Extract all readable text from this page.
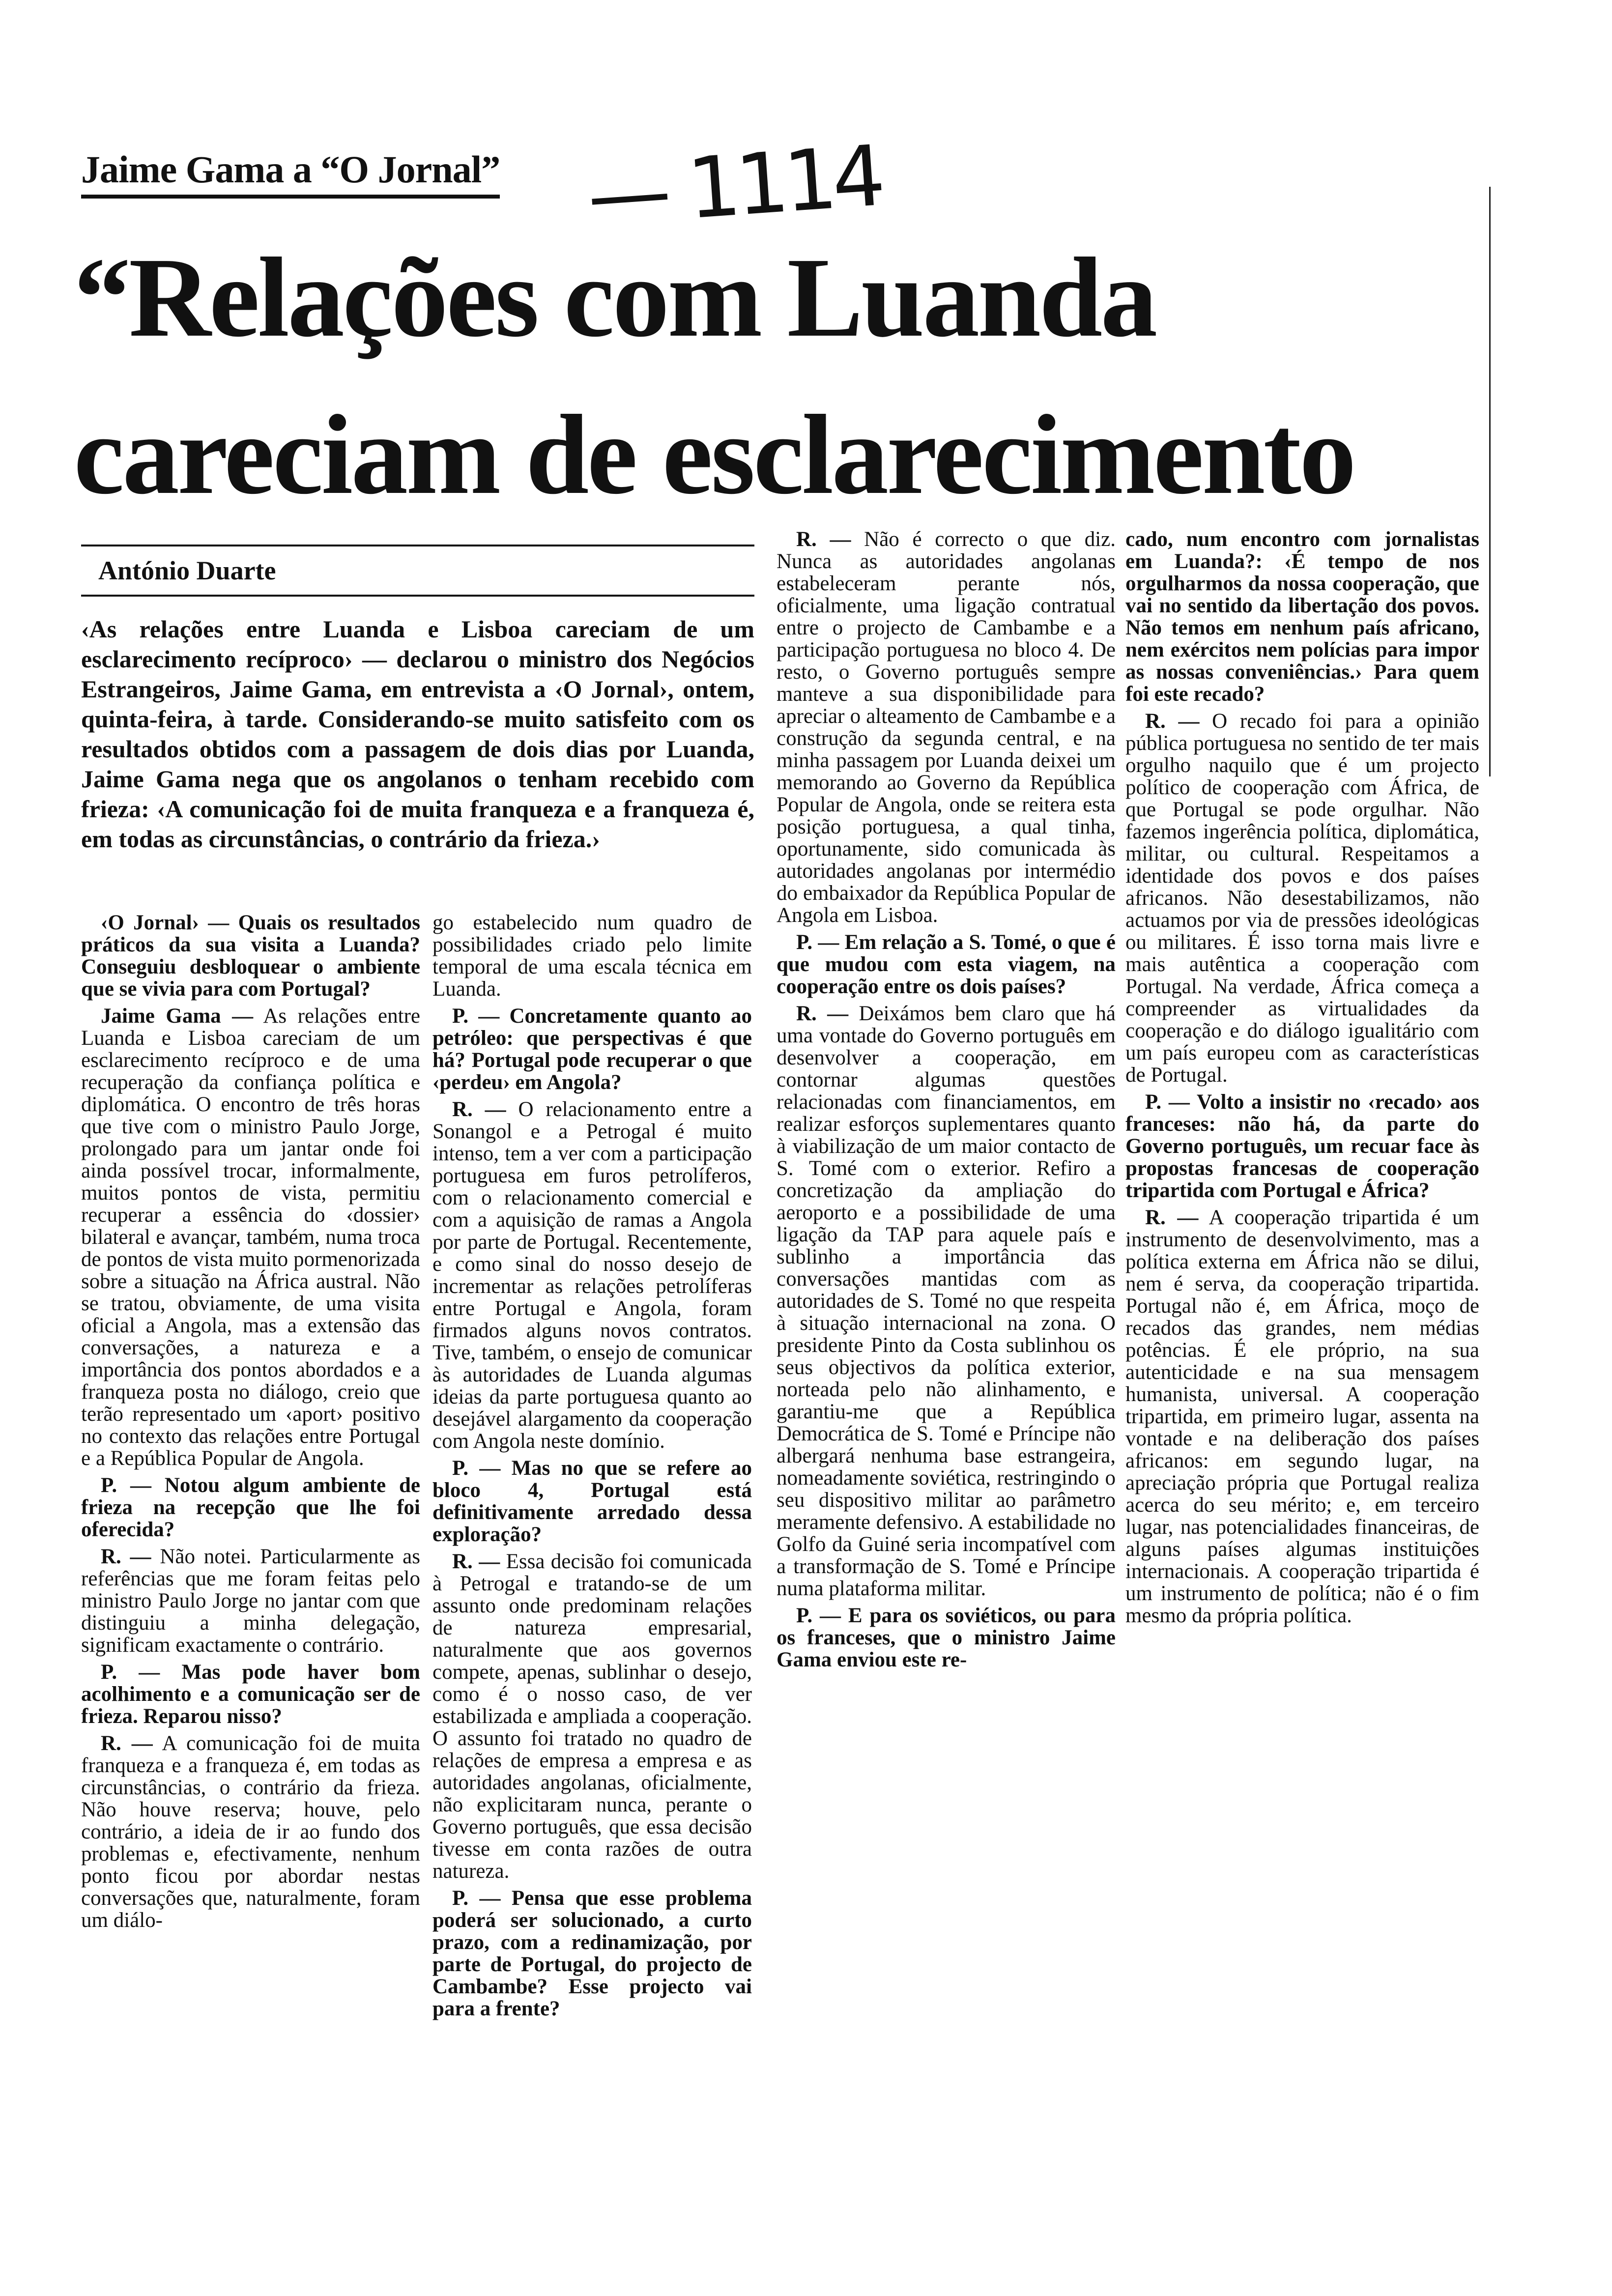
Jaime Gama a “O Jornal” — 1114
“Relações com Luanda
careciam de esclarecimento
António Duarte

‹As relações entre Luanda e Lisboa careciam de um esclarecimento recíproco› — declarou o ministro dos Negócios Estrangeiros, Jaime Gama, em entrevista a ‹O Jornal›, ontem, quinta-feira, à tarde. Considerando-se muito satisfeito com os resultados obtidos com a passagem de dois dias por Luanda, Jaime Gama nega que os angolanos o tenham recebido com frieza: ‹A comunicação foi de muita franqueza e a franqueza é, em todas as circunstâncias, o contrário da frieza.›

‹O Jornal› — Quais os resultados práticos da sua visita a Luanda? Conseguiu desbloquear o ambiente que se vivia para com Portugal?

Jaime Gama — As relações entre Luanda e Lisboa careciam de um esclarecimento recíproco e de uma recuperação da confiança política e diplomática. O encontro de três horas que tive com o ministro Paulo Jorge, prolongado para um jantar onde foi ainda possível trocar, informalmente, muitos pontos de vista, permitiu recuperar a essência do ‹dossier› bilateral e avançar, também, numa troca de pontos de vista muito pormenorizada sobre a situação na África austral. Não se tratou, obviamente, de uma visita oficial a Angola, mas a extensão das conversações, a natureza e a importância dos pontos abordados e a franqueza posta no diálogo, creio que terão representado um ‹aport› positivo no contexto das relações entre Portugal e a República Popular de Angola.

P. — Notou algum ambiente de frieza na recepção que lhe foi oferecida?

R. — Não notei. Particularmente as referências que me foram feitas pelo ministro Paulo Jorge no jantar com que distinguiu a minha delegação, significam exactamente o contrário.

P. — Mas pode haver bom acolhimento e a comunicação ser de frieza. Reparou nisso?

R. — A comunicação foi de muita franqueza e a franqueza é, em todas as circunstâncias, o contrário da frieza. Não houve reserva; houve, pelo contrário, a ideia de ir ao fundo dos problemas e, efectivamente, nenhum ponto ficou por abordar nestas conversações que, naturalmente, foram um diálo-

go estabelecido num quadro de possibilidades criado pelo limite temporal de uma escala técnica em Luanda.

P. — Concretamente quanto ao petróleo: que perspectivas é que há? Portugal pode recuperar o que ‹perdeu› em Angola?

R. — O relacionamento entre a Sonangol e a Petrogal é muito intenso, tem a ver com a participação portuguesa em furos petrolíferos, com o relacionamento comercial e com a aquisição de ramas a Angola por parte de Portugal. Recentemente, e como sinal do nosso desejo de incrementar as relações petrolíferas entre Portugal e Angola, foram firmados alguns novos contratos. Tive, também, o ensejo de comunicar às autoridades de Luanda algumas ideias da parte portuguesa quanto ao desejável alargamento da cooperação com Angola neste domínio.

P. — Mas no que se refere ao bloco 4, Portugal está definitivamente arredado dessa exploração?

R. — Essa decisão foi comunicada à Petrogal e tratando-se de um assunto onde predominam relações de natureza empresarial, naturalmente que aos governos compete, apenas, sublinhar o desejo, como é o nosso caso, de ver estabilizada e ampliada a cooperação. O assunto foi tratado no quadro de relações de empresa a empresa e as autoridades angolanas, oficialmente, não explicitaram nunca, perante o Governo português, que essa decisão tivesse em conta razões de outra natureza.

P. — Pensa que esse problema poderá ser solucionado, a curto prazo, com a redinamização, por parte de Portugal, do projecto de Cambambe? Esse projecto vai para a frente?

R. — Não é correcto o que diz. Nunca as autoridades angolanas estabeleceram perante nós, oficialmente, uma ligação contratual entre o projecto de Cambambe e a participação portuguesa no bloco 4. De resto, o Governo português sempre manteve a sua disponibilidade para apreciar o alteamento de Cambambe e a construção da segunda central, e na minha passagem por Luanda deixei um memorando ao Governo da República Popular de Angola, onde se reitera esta posição portuguesa, a qual tinha, oportunamente, sido comunicada às autoridades angolanas por intermédio do embaixador da República Popular de Angola em Lisboa.

P. — Em relação a S. Tomé, o que é que mudou com esta viagem, na cooperação entre os dois países?

R. — Deixámos bem claro que há uma vontade do Governo português em desenvolver a cooperação, em contornar algumas questões relacionadas com financiamentos, em realizar esforços suplementares quanto à viabilização de um maior contacto de S. Tomé com o exterior. Refiro a concretização da ampliação do aeroporto e a possibilidade de uma ligação da TAP para aquele país e sublinho a importância das conversações mantidas com as autoridades de S. Tomé no que respeita à situação internacional na zona. O presidente Pinto da Costa sublinhou os seus objectivos da política exterior, norteada pelo não alinhamento, e garantiu-me que a República Democrática de S. Tomé e Príncipe não albergará nenhuma base estrangeira, nomeadamente soviética, restringindo o seu dispositivo militar ao parâmetro meramente defensivo. A estabilidade no Golfo da Guiné seria incompatível com a transformação de S. Tomé e Príncipe numa plataforma militar.

P. — E para os soviéticos, ou para os franceses, que o ministro Jaime Gama enviou este re-

cado, num encontro com jornalistas em Luanda?: ‹É tempo de nos orgulharmos da nossa cooperação, que vai no sentido da libertação dos povos. Não temos em nenhum país africano, nem exércitos nem polícias para impor as nossas conveniências.› Para quem foi este recado?

R. — O recado foi para a opinião pública portuguesa no sentido de ter mais orgulho naquilo que é um projecto político de cooperação com África, de que Portugal se pode orgulhar. Não fazemos ingerência política, diplomática, militar, ou cultural. Respeitamos a identidade dos povos e dos países africanos. Não desestabilizamos, não actuamos por via de pressões ideológicas ou militares. É isso torna mais livre e mais autêntica a cooperação com Portugal. Na verdade, África começa a compreender as virtualidades da cooperação e do diálogo igualitário com um país europeu com as características de Portugal.

P. — Volto a insistir no ‹recado› aos franceses: não há, da parte do Governo português, um recuar face às propostas francesas de cooperação tripartida com Portugal e África?

R. — A cooperação tripartida é um instrumento de desenvolvimento, mas a política externa em África não se dilui, nem é serva, da cooperação tripartida. Portugal não é, em África, moço de recados das grandes, nem médias potências. É ele próprio, na sua autenticidade e na sua mensagem humanista, universal. A cooperação tripartida, em primeiro lugar, assenta na vontade e na deliberação dos países africanos: em segundo lugar, na apreciação própria que Portugal realiza acerca do seu mérito; e, em terceiro lugar, nas potencialidades financeiras, de alguns países algumas instituições internacionais. A cooperação tripartida é um instrumento de política; não é o fim mesmo da própria política.
